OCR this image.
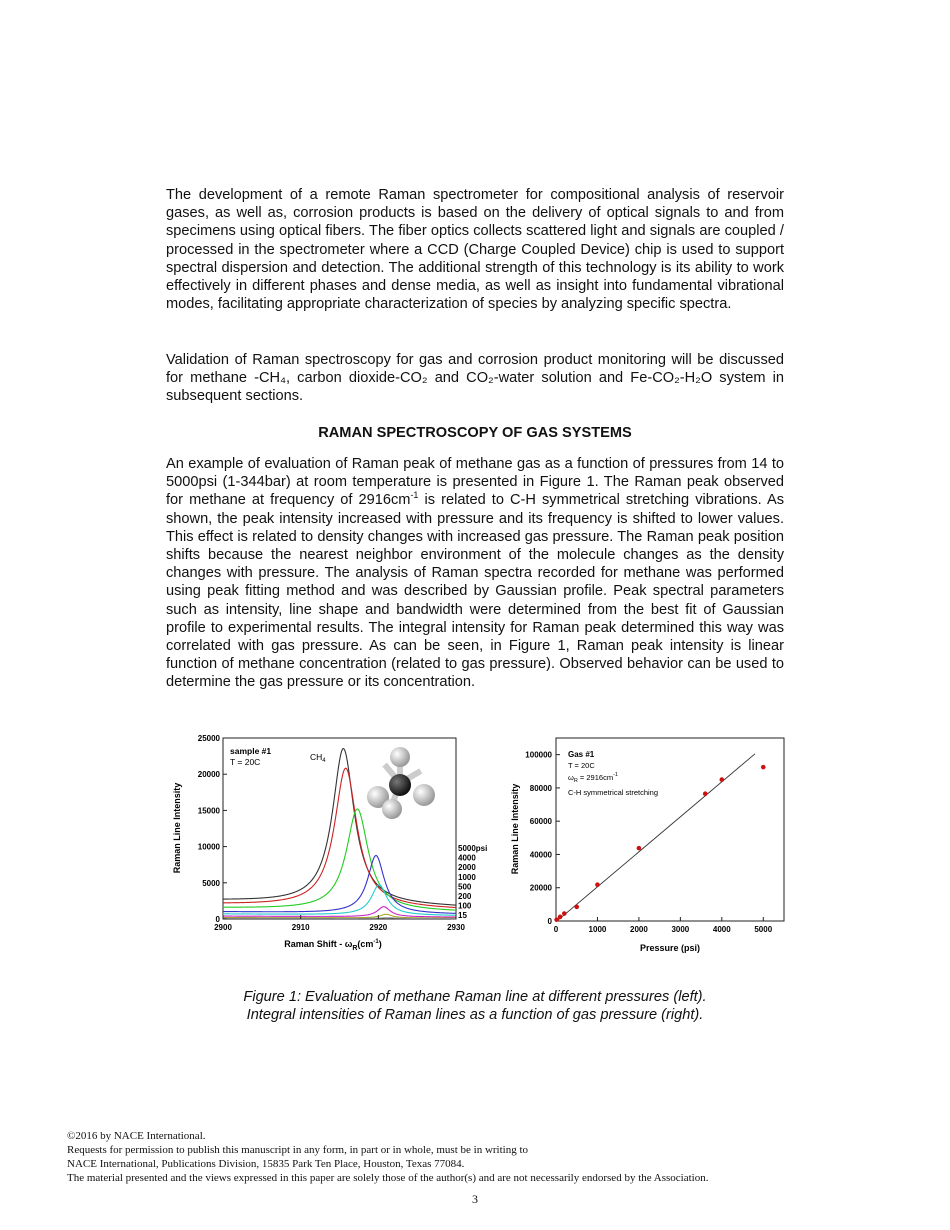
The development of a remote Raman spectrometer for compositional analysis of reservoir gases, as well as, corrosion products is based on the delivery of optical signals to and from specimens using optical fibers. The fiber optics collects scattered light and signals are coupled / processed in the spectrometer where a CCD (Charge Coupled Device) chip is used to support spectral dispersion and detection. The additional strength of this technology is its ability to work effectively in different phases and dense media, as well as insight into fundamental vibrational modes, facilitating appropriate characterization of species by analyzing specific spectra.

Validation of Raman spectroscopy for gas and corrosion product monitoring will be discussed for methane -CH₄, carbon dioxide-CO₂ and CO₂-water solution and Fe-CO₂-H₂O system in subsequent sections.

RAMAN SPECTROSCOPY OF GAS SYSTEMS

An example of evaluation of Raman peak of methane gas as a function of pressures from 14 to 5000psi (1-344bar) at room temperature is presented in Figure 1. The Raman peak observed for methane at frequency of $2916cm^{-1}$ is related to C-H symmetrical stretching vibrations. As shown, the peak intensity increased with pressure and its frequency is shifted to lower values. This effect is related to density changes with increased gas pressure. The Raman peak position shifts because the nearest neighbor environment of the molecule changes as the density changes with pressure. The analysis of Raman spectra recorded for methane was performed using peak fitting method and was described by Gaussian profile. Peak spectral parameters such as intensity, line shape and bandwidth were determined from the best fit of Gaussian profile to experimental results. The integral intensity for Raman peak determined this way was correlated with gas pressure. As can be seen, in Figure 1, Raman peak intensity is linear function of methane concentration (related to gas pressure). Observed behavior can be used to determine the gas pressure or its concentration.

2900	2910	2920	2930
0
5000
10000
15000
20000
25000
5000psi
4000
2000
1000
500
200
100
15
sample #1
T = 20C	$CH_4$
Raman Shift - $\omega_R(cm^{-1})$
Raman Line Intensity
0	1000	2000	3000	4000	5000
0
20000
40000
60000
80000
100000 Gas #1
T = 20C
$\omega_R = 2916cm^{-1}$
C-H symmetrical stretching
Pressure (psi)
Raman Line Intensity
Figure 1: Evaluation of methane Raman line at different pressures (left).
Integral intensities of Raman lines as a function of gas pressure (right).
©2016 by NACE International.
Requests for permission to publish this manuscript in any form, in part or in whole, must be in writing to
NACE International, Publications Division, 15835 Park Ten Place, Houston, Texas 77084.
The material presented and the views expressed in this paper are solely those of the author(s) and are not necessarily endorsed by the Association.
3
